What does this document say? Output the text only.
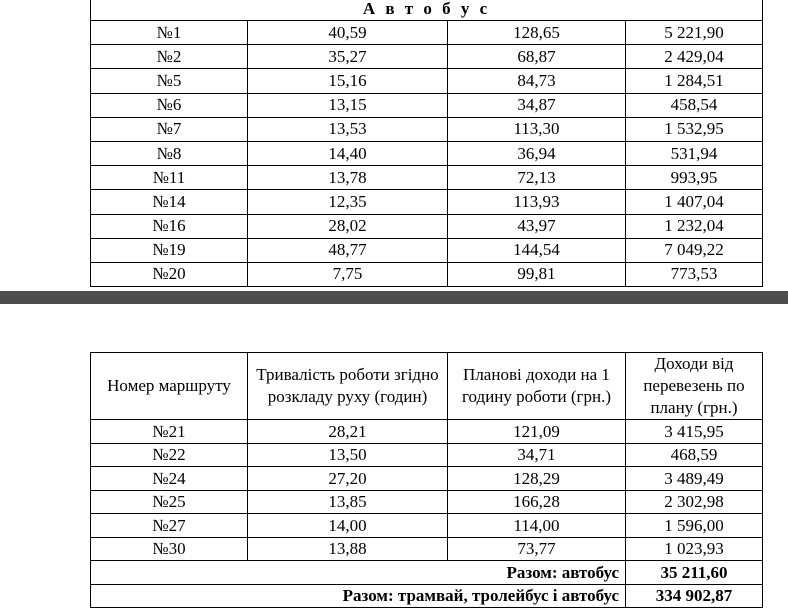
А в т о б у с			
№1	40,59	128,65	5 221,90
№2	35,27	68,87	2 429,04
№5	15,16	84,73	1 284,51
№6	13,15	34,87	458,54
№7	13,53	113,30	1 532,95
№8	14,40	36,94	531,94
№11	13,78	72,13	993,95
№14	12,35	113,93	1 407,04
№16	28,02	43,97	1 232,04
№19	48,77	144,54	7 049,22
№20	7,75	99,81	773,53
Номер маршруту	Тривалість роботи згідно розкладу руху (годин)	Планові доходи на 1 годину роботи (грн.)	Доходи від перевезень по плану (грн.)
№21	28,21	121,09	3 415,95
№22	13,50	34,71	468,59
№24	27,20	128,29	3 489,49
№25	13,85	166,28	2 302,98
№27	14,00	114,00	1 596,00
№30	13,88	73,77	1 023,93
Разом: автобус			35 211,60
Разом: трамвай, тролейбус і автобус			334 902,87
